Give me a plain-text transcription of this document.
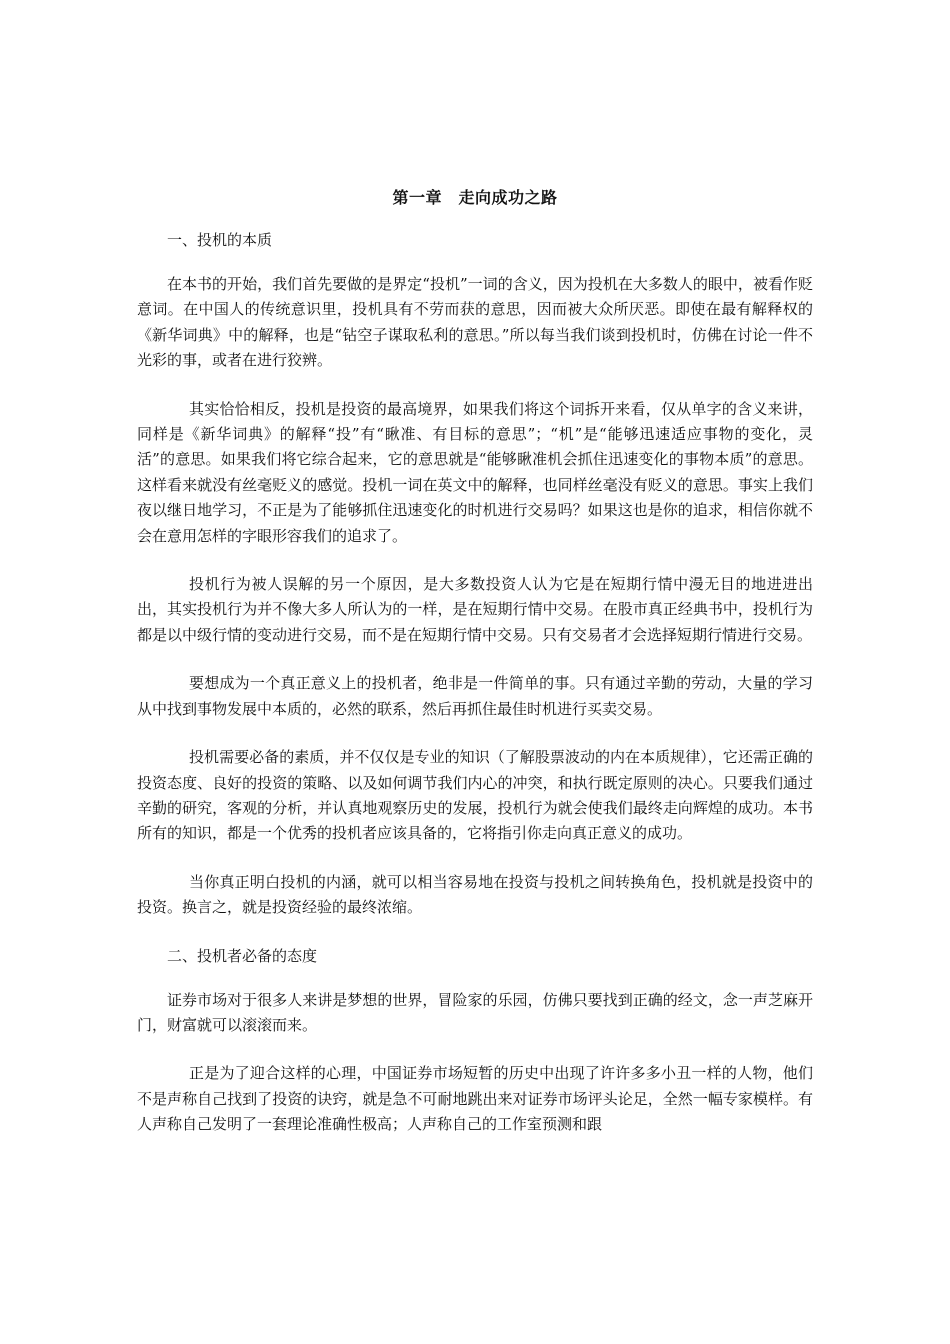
第一章　走向成功之路
一、投机的本质

在本书的开始，我们首先要做的是界定“投机”一词的含义，因为投机在大多数人的眼中，被看作贬意词。在中国人的传统意识里，投机具有不劳而获的意思，因而被大众所厌恶。即使在最有解释权的《新华词典》中的解释，也是“钻空子谋取私利的意思。”所以每当我们谈到投机时，仿佛在讨论一件不光彩的事，或者在进行狡辨。

其实恰恰相反，投机是投资的最高境界，如果我们将这个词拆开来看，仅从单字的含义来讲，同样是《新华词典》的解释“投”有“瞅准、有目标的意思”；“机”是“能够迅速适应事物的变化，灵活”的意思。如果我们将它综合起来，它的意思就是“能够瞅准机会抓住迅速变化的事物本质”的意思。这样看来就没有丝毫贬义的感觉。投机一词在英文中的解释，也同样丝毫没有贬义的意思。事实上我们夜以继日地学习，不正是为了能够抓住迅速变化的时机进行交易吗？如果这也是你的追求，相信你就不会在意用怎样的字眼形容我们的追求了。

投机行为被人误解的另一个原因，是大多数投资人认为它是在短期行情中漫无目的地进进出出，其实投机行为并不像大多人所认为的一样，是在短期行情中交易。在股市真正经典书中，投机行为都是以中级行情的变动进行交易，而不是在短期行情中交易。只有交易者才会选择短期行情进行交易。

要想成为一个真正意义上的投机者，绝非是一件简单的事。只有通过辛勤的劳动，大量的学习从中找到事物发展中本质的，必然的联系，然后再抓住最佳时机进行买卖交易。

投机需要必备的素质，并不仅仅是专业的知识（了解股票波动的内在本质规律），它还需正确的投资态度、良好的投资的策略、以及如何调节我们内心的冲突，和执行既定原则的决心。只要我们通过辛勤的研究，客观的分析，并认真地观察历史的发展，投机行为就会使我们最终走向辉煌的成功。本书所有的知识，都是一个优秀的投机者应该具备的，它将指引你走向真正意义的成功。

当你真正明白投机的内涵，就可以相当容易地在投资与投机之间转换角色，投机就是投资中的投资。换言之，就是投资经验的最终浓缩。

二、投机者必备的态度

证券市场对于很多人来讲是梦想的世界，冒险家的乐园，仿佛只要找到正确的经文，念一声芝麻开门，财富就可以滚滚而来。

正是为了迎合这样的心理，中国证券市场短暂的历史中出现了许许多多小丑一样的人物，他们不是声称自己找到了投资的诀窍，就是急不可耐地跳出来对证券市场评头论足，全然一幅专家模样。有人声称自己发明了一套理论准确性极高；人声称自己的工作室预测和跟
